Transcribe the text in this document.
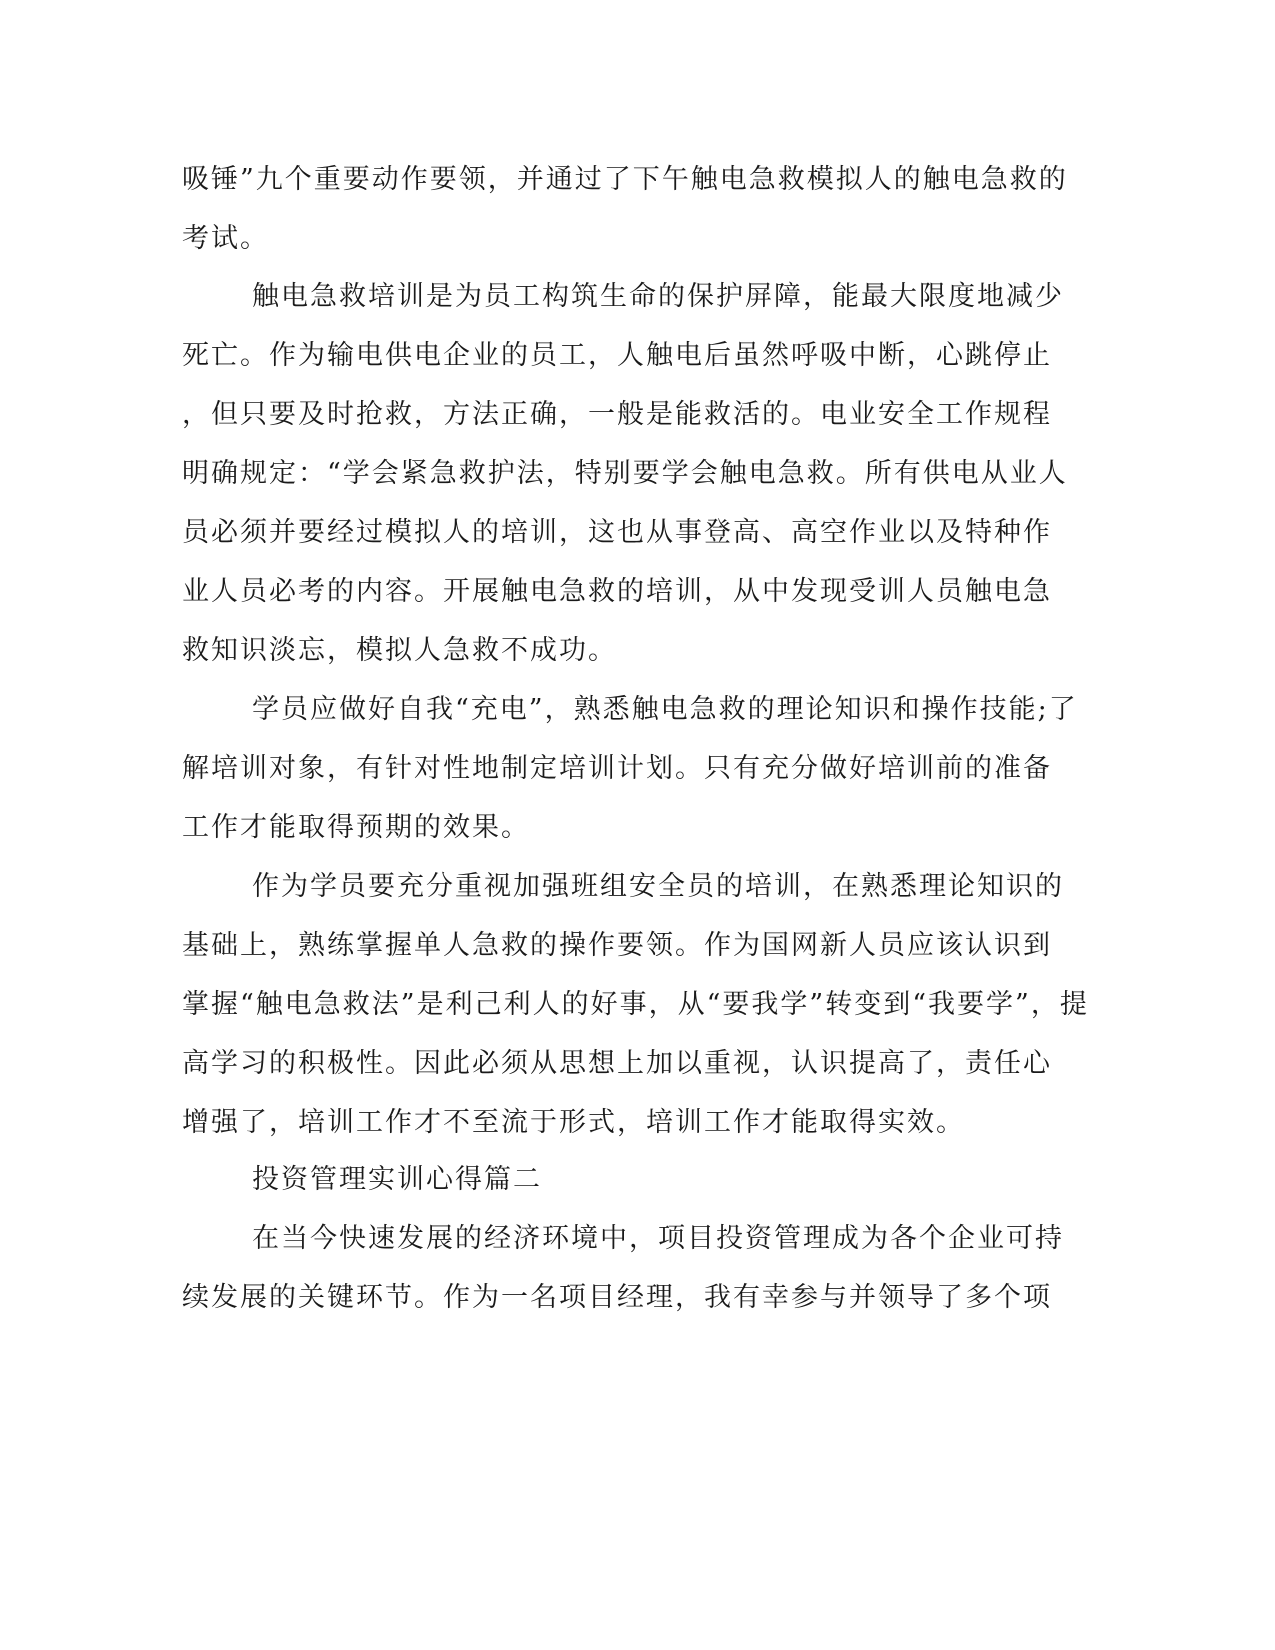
吸锤”九个重要动作要领，并通过了下午触电急救模拟人的触电急救的
考试。
触电急救培训是为员工构筑生命的保护屏障，能最大限度地减少
死亡。作为输电供电企业的员工，人触电后虽然呼吸中断，心跳停止
，但只要及时抢救，方法正确，一般是能救活的。电业安全工作规程
明确规定：“学会紧急救护法，特别要学会触电急救。所有供电从业人
员必须并要经过模拟人的培训，这也从事登高、高空作业以及特种作
业人员必考的内容。开展触电急救的培训，从中发现受训人员触电急
救知识淡忘，模拟人急救不成功。
学员应做好自我“充电”，熟悉触电急救的理论知识和操作技能;了
解培训对象，有针对性地制定培训计划。只有充分做好培训前的准备
工作才能取得预期的效果。
作为学员要充分重视加强班组安全员的培训，在熟悉理论知识的
基础上，熟练掌握单人急救的操作要领。作为国网新人员应该认识到
掌握“触电急救法”是利己利人的好事，从“要我学”转变到“我要学”，提
高学习的积极性。因此必须从思想上加以重视，认识提高了，责任心
增强了，培训工作才不至流于形式，培训工作才能取得实效。
投资管理实训心得篇二
在当今快速发展的经济环境中，项目投资管理成为各个企业可持
续发展的关键环节。作为一名项目经理，我有幸参与并领导了多个项
